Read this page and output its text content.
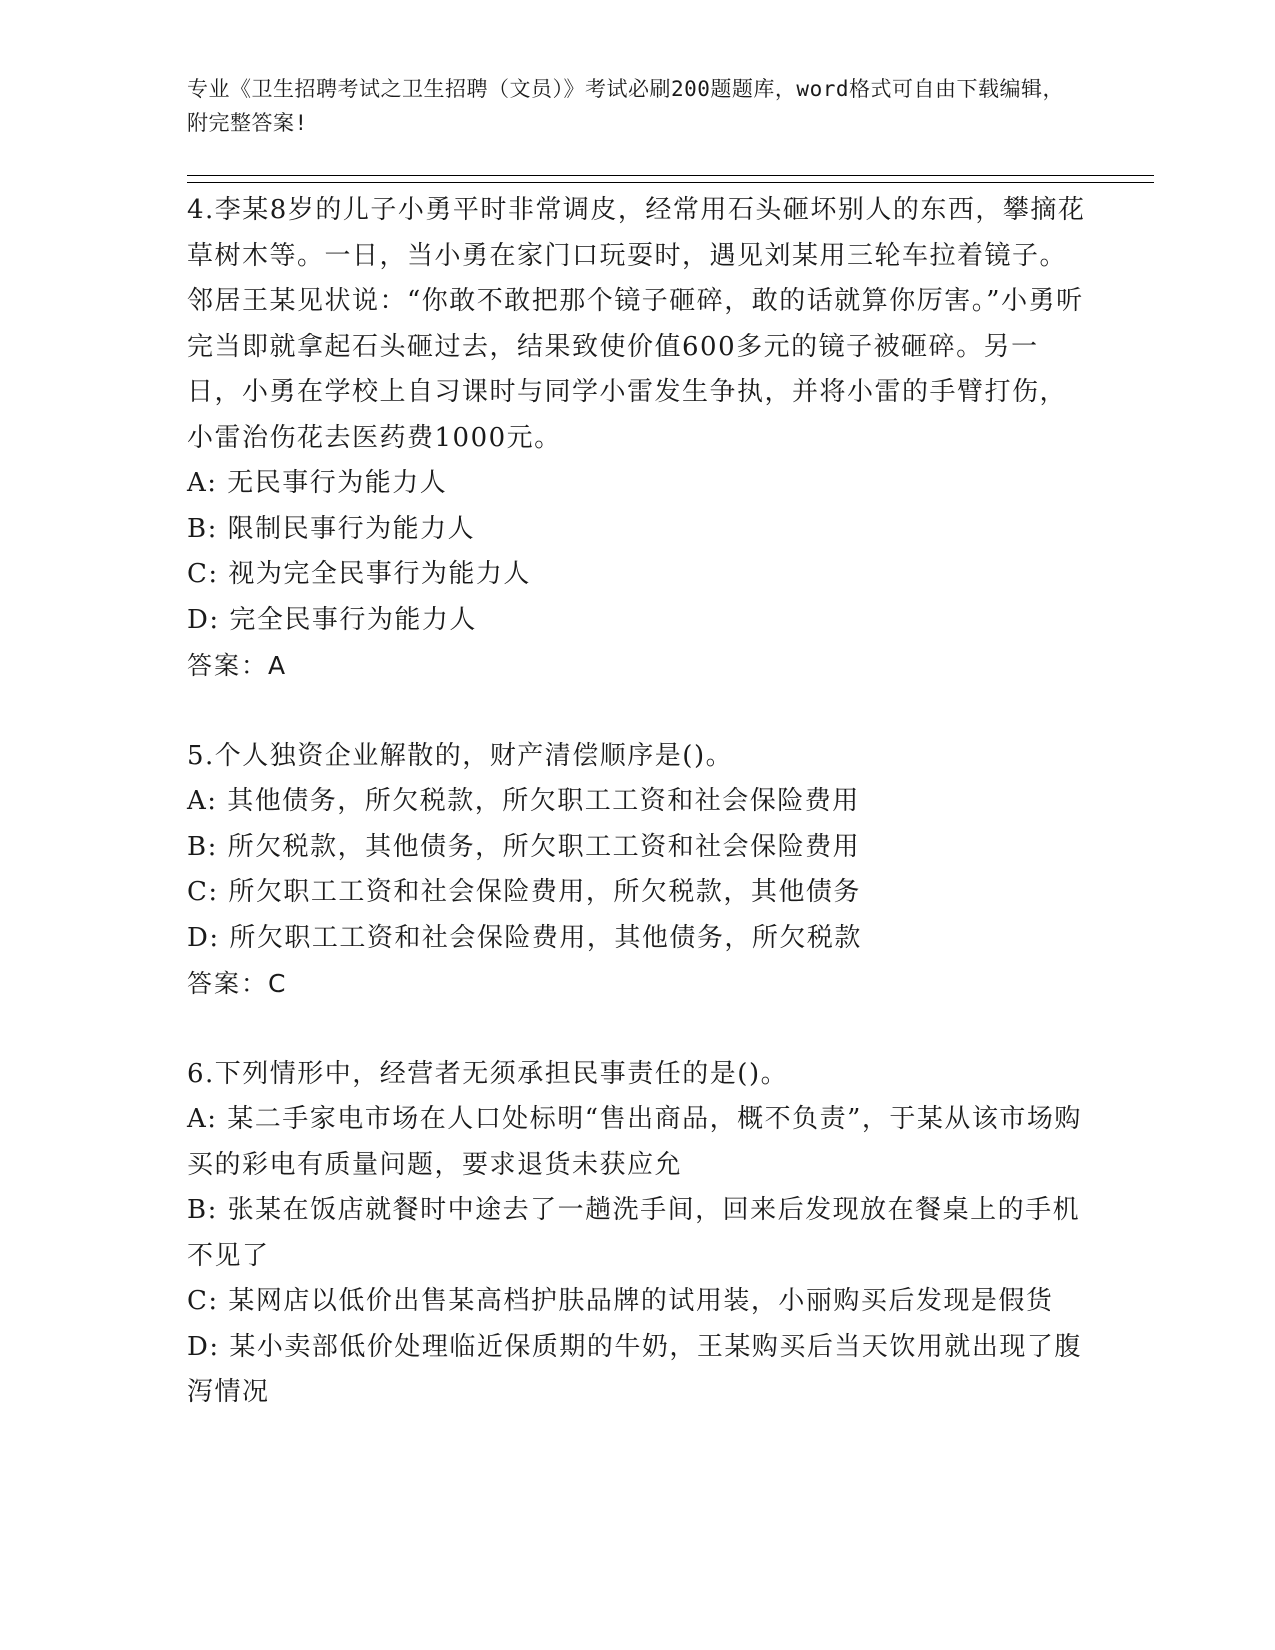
专业《卫生招聘考试之卫生招聘（文员）》考试必刷200题题库，word格式可自由下载编辑，附完整答案!

4.李某8岁的儿子小勇平时非常调皮，经常用石头砸坏别人的东西，攀摘花草树木等。一日，当小勇在家门口玩耍时，遇见刘某用三轮车拉着镜子。邻居王某见状说：“你敢不敢把那个镜子砸碎，敢的话就算你厉害。”小勇听完当即就拿起石头砸过去，结果致使价值600多元的镜子被砸碎。另一日，小勇在学校上自习课时与同学小雷发生争执，并将小雷的手臂打伤，小雷治伤花去医药费1000元。

A: 无民事行为能力人

B: 限制民事行为能力人

C: 视为完全民事行为能力人

D: 完全民事行为能力人

答案：A

5.个人独资企业解散的，财产清偿顺序是()。

A: 其他债务，所欠税款，所欠职工工资和社会保险费用

B: 所欠税款，其他债务，所欠职工工资和社会保险费用

C: 所欠职工工资和社会保险费用，所欠税款，其他债务

D: 所欠职工工资和社会保险费用，其他债务，所欠税款

答案：C

6.下列情形中，经营者无须承担民事责任的是()。

A: 某二手家电市场在人口处标明“售出商品，概不负责”，于某从该市场购买的彩电有质量问题，要求退货未获应允

B: 张某在饭店就餐时中途去了一趟洗手间，回来后发现放在餐桌上的手机不见了

C: 某网店以低价出售某高档护肤品牌的试用装，小丽购买后发现是假货

D: 某小卖部低价处理临近保质期的牛奶，王某购买后当天饮用就出现了腹泻情况
